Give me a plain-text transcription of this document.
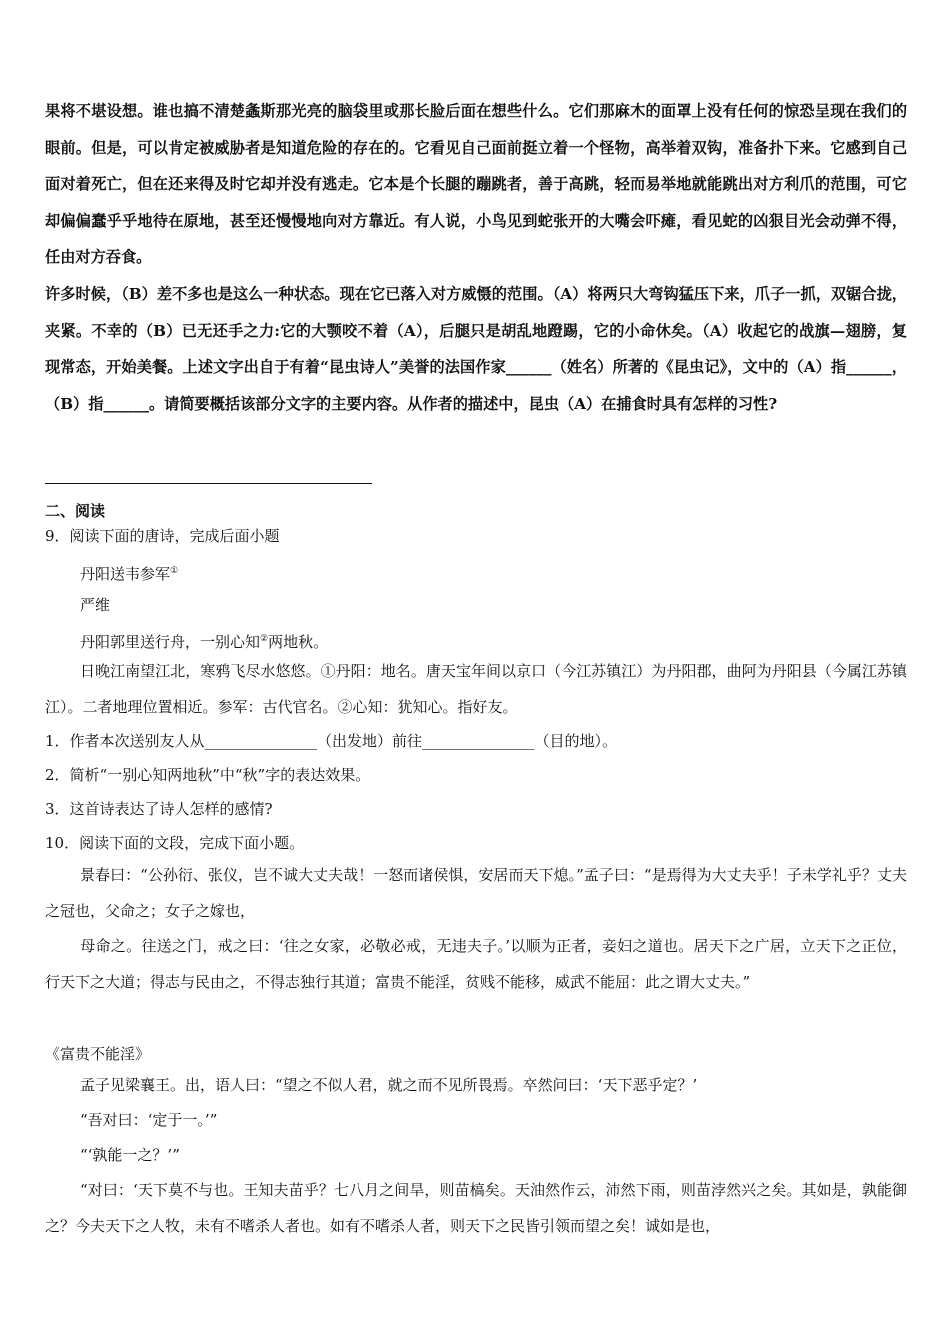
果将不堪设想。谁也搞不清楚螽斯那光亮的脑袋里或那长脸后面在想些什么。它们那麻木的面罩上没有任何的惊恐呈现在我们的眼前。但是，可以肯定被威胁者是知道危险的存在的。它看见自己面前挺立着一个怪物，高举着双钩，准备扑下来。它感到自己面对着死亡，但在还来得及时它却并没有逃走。它本是个长腿的蹦跳者，善于高跳，轻而易举地就能跳出对方利爪的范围，可它却偏偏蠢乎乎地待在原地，甚至还慢慢地向对方靠近。有人说，小鸟见到蛇张开的大嘴会吓瘫，看见蛇的凶狠目光会动弹不得，任由对方吞食。
许多时候，（B）差不多也是这么一种状态。现在它已落入对方威慑的范围。（A）将两只大弯钩猛压下来，爪子一抓，双锯合拢，夹紧。不幸的（B）已无还手之力:它的大颚咬不着（A），后腿只是胡乱地蹬踢，它的小命休矣。（A）收起它的战旗—翅膀，复现常态，开始美餐。上述文字出自于有着“昆虫诗人”美誉的法国作家______（姓名）所著的《昆虫记》，文中的（A）指______，（B）指______。请简要概括该部分文字的主要内容。从作者的描述中，昆虫（A）在捕食时具有怎样的习性?
二、阅读
9．阅读下面的唐诗，完成后面小题
丹阳送韦参军①
严维
丹阳郭里送行舟，一别心知②两地秋。
日晚江南望江北，寒鸦飞尽水悠悠。①丹阳：地名。唐天宝年间以京口（今江苏镇江）为丹阳郡，曲阿为丹阳县（今属江苏镇江）。二者地理位置相近。参军：古代官名。②心知：犹知心。指好友。
1．作者本次送别友人从_______________（出发地）前往_______________（目的地）。
2．简析“一别心知两地秋”中“秋”字的表达效果。
3．这首诗表达了诗人怎样的感情?
10．阅读下面的文段，完成下面小题。
景春曰：“公孙衍、张仪，岂不诚大丈夫哉！一怒而诸侯惧，安居而天下熄。”孟子曰：“是焉得为大丈夫乎！子未学礼乎？丈夫之冠也，父命之；女子之嫁也，
母命之。往送之门，戒之曰：‘往之女家，必敬必戒，无违夫子。’以顺为正者，妾妇之道也。居天下之广居，立天下之正位，行天下之大道；得志与民由之，不得志独行其道；富贵不能淫，贫贱不能移，威武不能屈：此之谓大丈夫。”
《富贵不能淫》
孟子见梁襄王。出，语人曰：“望之不似人君，就之而不见所畏焉。卒然问曰：‘天下恶乎定？’
“吾对曰：‘定于一。’”
“‘孰能一之？’”
“对曰：‘天下莫不与也。王知夫苗乎？七八月之间旱，则苗槁矣。天油然作云，沛然下雨，则苗浡然兴之矣。其如是，孰能御之？今夫天下之人牧，未有不嗜杀人者也。如有不嗜杀人者，则天下之民皆引领而望之矣！诚如是也，
